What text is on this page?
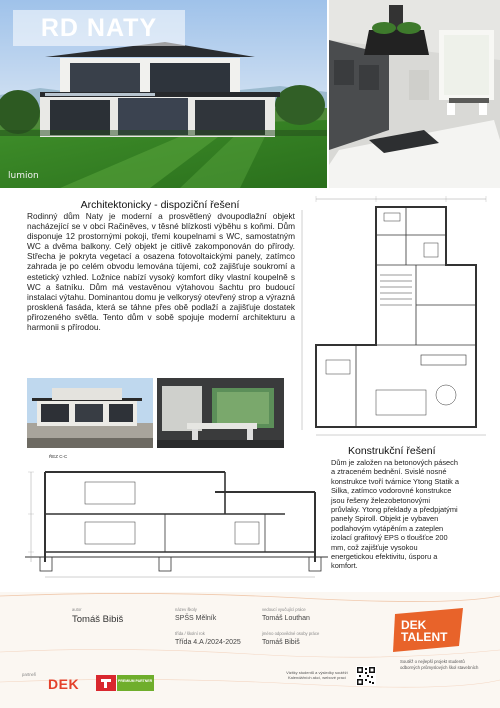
RD NATY
lumion
Architektonicky - dispoziční řešení
Rodinný dům Naty je moderní a prosvětlený dvoupodlažní objekt nacházející se v obci Račiněves, v těsné blízkosti výběhu s koňmi. Dům disponuje 12 prostornými pokoji, třemi koupelnami s WC, samostatným WC a dvěma balkony. Celý objekt je citlivě zakomponován do přírody. Střecha je pokryta vegetací a osazena fotovoltaickými panely, zatímco zahrada je po celém obvodu lemována tújemi, což zajišťuje soukromí a estetický vzhled. Ložnice nabízí vysoký komfort díky vlastní koupelně s WC a šatníku. Dům má vestavěnou výtahovou šachtu pro budoucí instalaci výtahu. Dominantou domu je velkorysý otevřený strop a výrazná prosklená fasáda, která se táhne přes obě podlaží a zajišťuje dostatek přirozeného světla. Tento dům v sobě spojuje moderní architekturu a harmonii s přírodou.
ŘEZ C-C	Konstrukční řešení
Dům je založen na betonových pásech a ztraceném bednění. Svislé nosné konstrukce tvoří tvárnice Ytong Statik a Silka, zatímco vodorovné konstrukce jsou řešeny železobetonovými průvlaky. Ytong překlady a předpjatými panely Spiroll. Objekt je vybaven podlahovým vytápěním a zateplen izolací grafitový EPS o tloušťce 200 mm, což zajišťuje vysokou energetickou efektivitu, úsporu a komfort.
autor
Tomáš Bibiš
název školy
SPŠS Mělník
třída / školní rok
Třída 4.A /2024-2025
vedoucí vyučující práce
Tomáš Louthan
jméno odpovědné osoby práce
Tomáš Bibiš
partneři
DEK	PREMIUM PARTNER
Vizitky studentů a výsledky soutěží Kalendářních akcí, webové prací
DEK
TALENT
Soutěž o nejlepší projekt studentů odborných průmyslových škol stavebních
